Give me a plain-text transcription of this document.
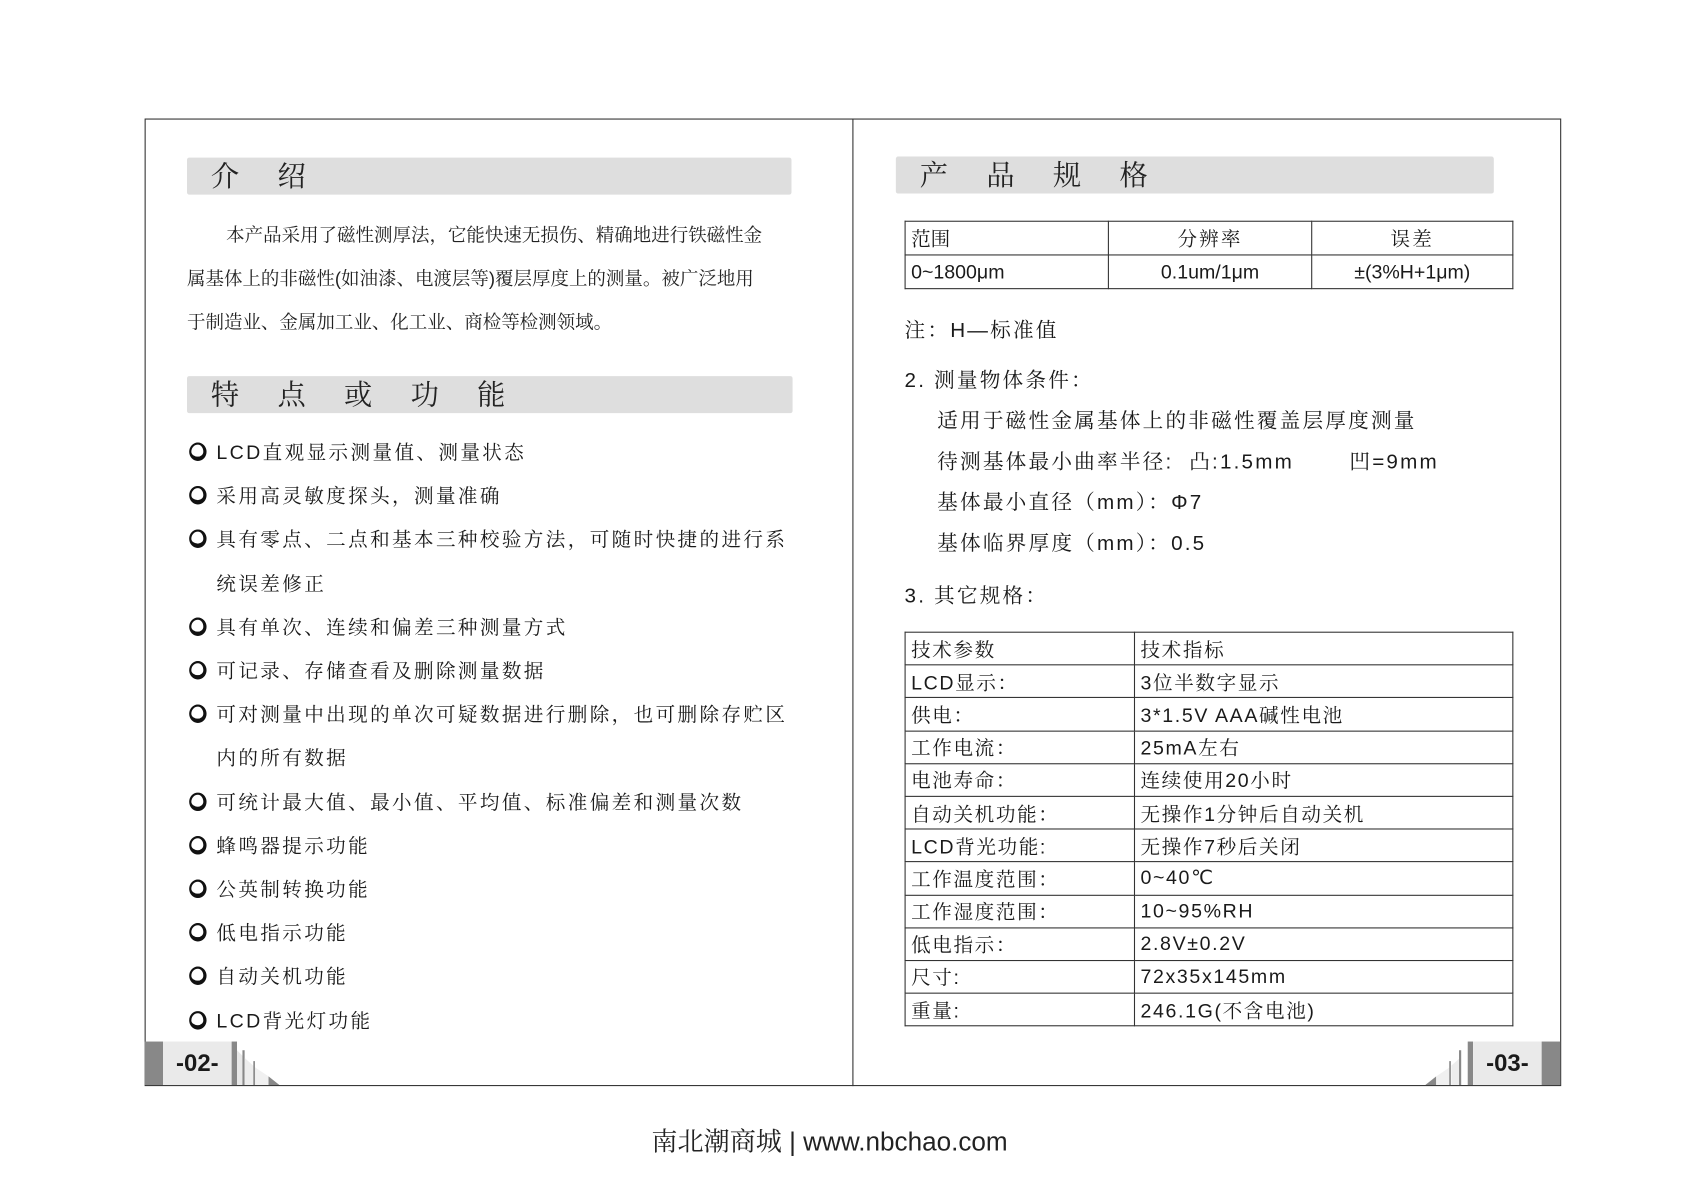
介 绍
本产品采用了磁性测厚法，它能快速无损伤、精确地进行铁磁性金
属基体上的非磁性(如油漆、电渡层等)覆层厚度上的测量。被广泛地用
于制造业、金属加工业、化工业、商检等检测领域。
特 点 或 功 能
LCD直观显示测量值、测量状态
采用高灵敏度探头，测量准确
具有零点、二点和基本三种校验方法，可随时快捷的进行系统误差修正
具有单次、连续和偏差三种测量方式
可记录、存储查看及删除测量数据
可对测量中出现的单次可疑数据进行删除，也可删除存贮区内的所有数据
可统计最大值、最小值、平均值、标准偏差和测量次数
蜂鸣器提示功能
公英制转换功能
低电指示功能
自动关机功能
LCD背光灯功能
-02-
产 品 规 格
范围	分辨率	误差
0~1800μm	0.1um/1μm	±(3%H+1μm)
注：H—标准值
2. 测量物体条件：
适用于磁性金属基体上的非磁性覆盖层厚度测量
待测基体最小曲率半径:  凸:1.5mm       凹=9mm
基体最小直径（mm）：Φ7
基体临界厚度（mm）：0.5
3. 其它规格：
技术参数	技术指标
LCD显示：	3位半数字显示
供电：	3*1.5V AAA碱性电池
工作电流：	25mA左右
电池寿命：	连续使用20小时
自动关机功能：	无操作1分钟后自动关机
LCD背光功能:	无操作7秒后关闭
工作温度范围：	0~40℃
工作湿度范围：	10~95%RH
低电指示：	2.8V±0.2V
尺寸:	72x35x145mm
重量:	246.1G(不含电池)
-03-
南北潮商城 | www.nbchao.com
